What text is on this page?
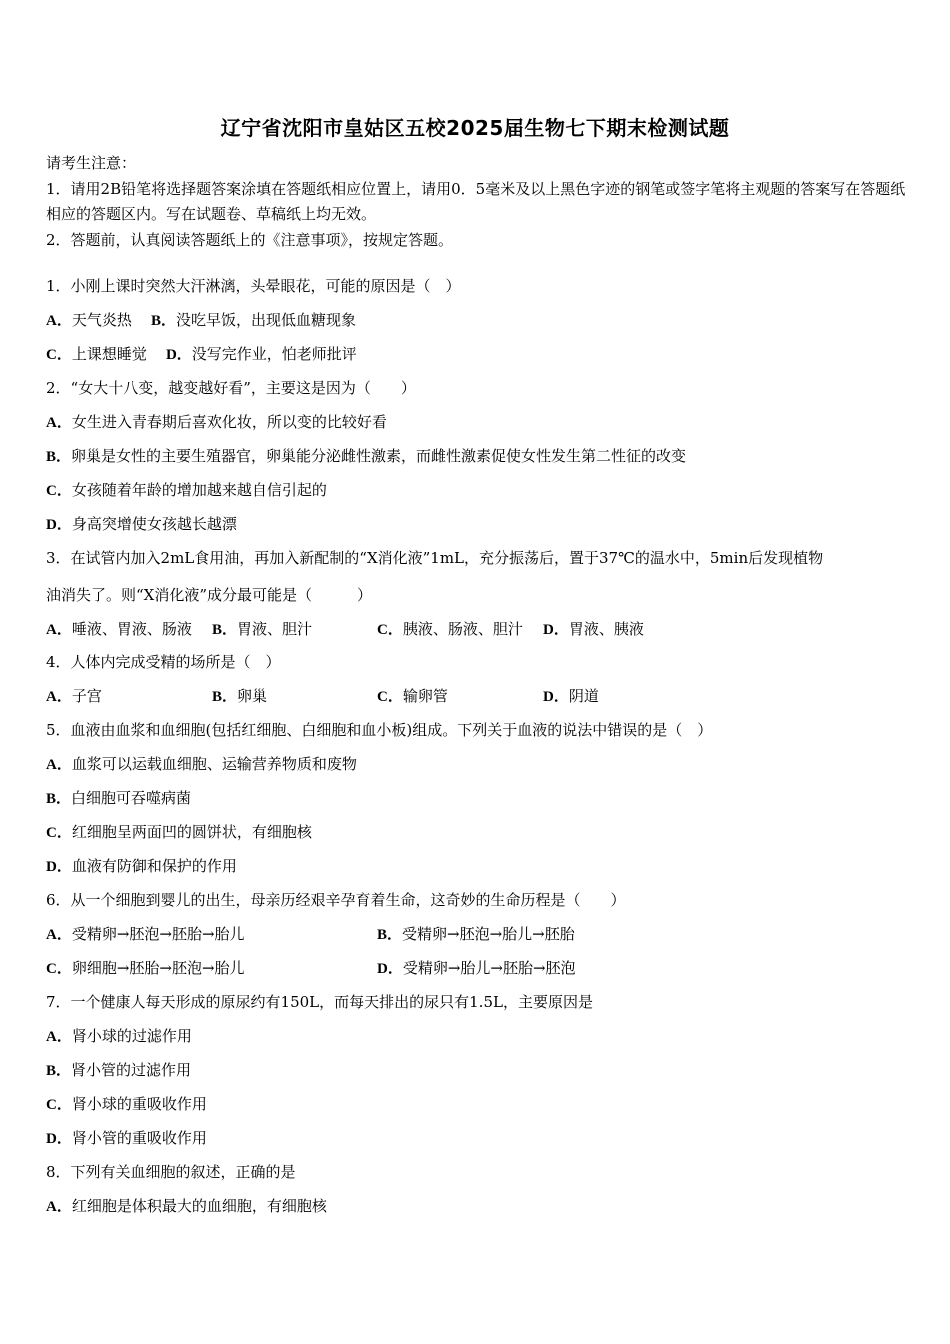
辽宁省沈阳市皇姑区五校2025届生物七下期末检测试题
请考生注意：
1．请用2B铅笔将选择题答案涂填在答题纸相应位置上，请用0．5毫米及以上黑色字迹的钢笔或签字笔将主观题的答案写在答题纸相应的答题区内。写在试题卷、草稿纸上均无效。
2．答题前，认真阅读答题纸上的《注意事项》，按规定答题。
1．小刚上课时突然大汗淋漓，头晕眼花，可能的原因是（　）
A．天气炎热 B．没吃早饭，出现低血糖现象
C．上课想睡觉 D．没写完作业，怕老师批评
2．“女大十八变，越变越好看”，主要这是因为（　　）
A．女生进入青春期后喜欢化妆，所以变的比较好看
B．卵巢是女性的主要生殖器官，卵巢能分泌雌性激素，而雌性激素促使女性发生第二性征的改变
C．女孩随着年龄的增加越来越自信引起的
D．身高突增使女孩越长越漂
3．在试管内加入2mL食用油，再加入新配制的“X消化液”1mL，充分振荡后，置于37℃的温水中，5min后发现植物
油消失了。则“X消化液”成分最可能是（　　　）
A．唾液、胃液、肠液 B．胃液、胆汁	C．胰液、肠液、胆汁 D．胃液、胰液
4．人体内完成受精的场所是（　）
A．子宫	B．卵巢	C．输卵管	D．阴道
5．血液由血浆和血细胞(包括红细胞、白细胞和血小板)组成。下列关于血液的说法中错误的是（　）
A．血浆可以运载血细胞、运输营养物质和废物
B．白细胞可吞噬病菌
C．红细胞呈两面凹的圆饼状，有细胞核
D．血液有防御和保护的作用
6．从一个细胞到婴儿的出生，母亲历经艰辛孕育着生命，这奇妙的生命历程是（　　）
A．受精卵→胚泡→胚胎→胎儿	B．受精卵→胚泡→胎儿→胚胎
C．卵细胞→胚胎→胚泡→胎儿	D．受精卵→胎儿→胚胎→胚泡
7．一个健康人每天形成的原尿约有150L，而每天排出的尿只有1.5L，主要原因是
A．肾小球的过滤作用
B．肾小管的过滤作用
C．肾小球的重吸收作用
D．肾小管的重吸收作用
8．下列有关血细胞的叙述，正确的是
A．红细胞是体积最大的血细胞，有细胞核
